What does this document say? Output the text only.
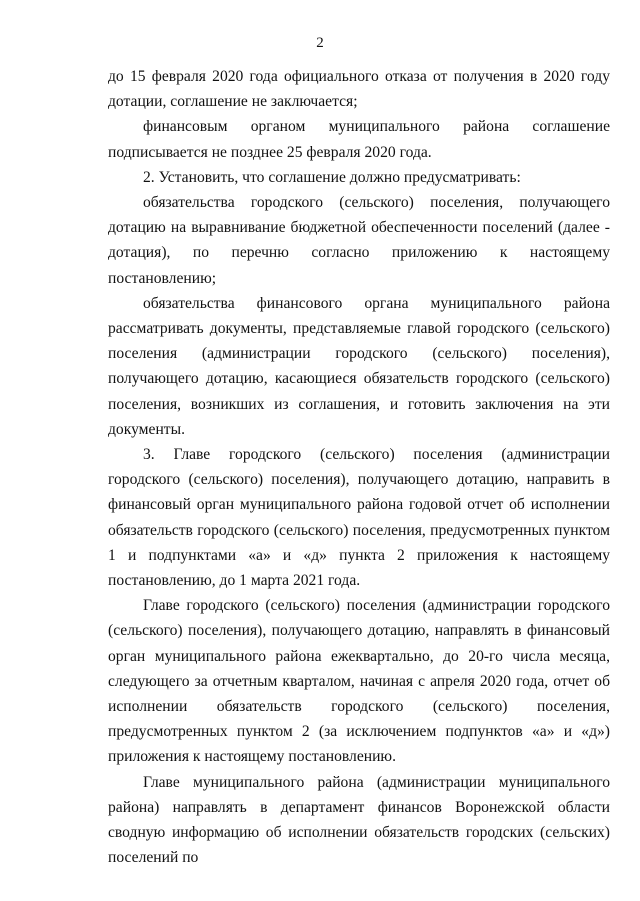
2

до 15 февраля 2020 года официального отказа от получения в 2020 году дотации, соглашение не заключается;

финансовым органом муниципального района соглашение подписывается не позднее 25 февраля 2020 года.

2. Установить, что соглашение должно предусматривать:

обязательства городского (сельского) поселения, получающего дотацию на выравнивание бюджетной обеспеченности поселений (далее - дотация), по перечню согласно приложению к настоящему постановлению;

обязательства финансового органа муниципального района рассматривать документы, представляемые главой городского (сельского) поселения (администрации городского (сельского) поселения), получающего дотацию, касающиеся обязательств городского (сельского) поселения, возникших из соглашения, и готовить заключения на эти документы.

3. Главе городского (сельского) поселения (администрации городского (сельского) поселения), получающего дотацию, направить в финансовый орган муниципального района годовой отчет об исполнении обязательств городского (сельского) поселения, предусмотренных пунктом 1 и подпунктами «а» и «д» пункта 2 приложения к настоящему постановлению, до 1 марта 2021 года.

Главе городского (сельского) поселения (администрации городского (сельского) поселения), получающего дотацию, направлять в финансовый орган муниципального района ежеквартально, до 20-го числа месяца, следующего за отчетным кварталом, начиная с апреля 2020 года, отчет об исполнении обязательств городского (сельского) поселения, предусмотренных пунктом 2 (за исключением подпунктов «а» и «д») приложения к настоящему постановлению.

Главе муниципального района (администрации муниципального района) направлять в департамент финансов Воронежской области сводную информацию об исполнении обязательств городских (сельских) поселений по
